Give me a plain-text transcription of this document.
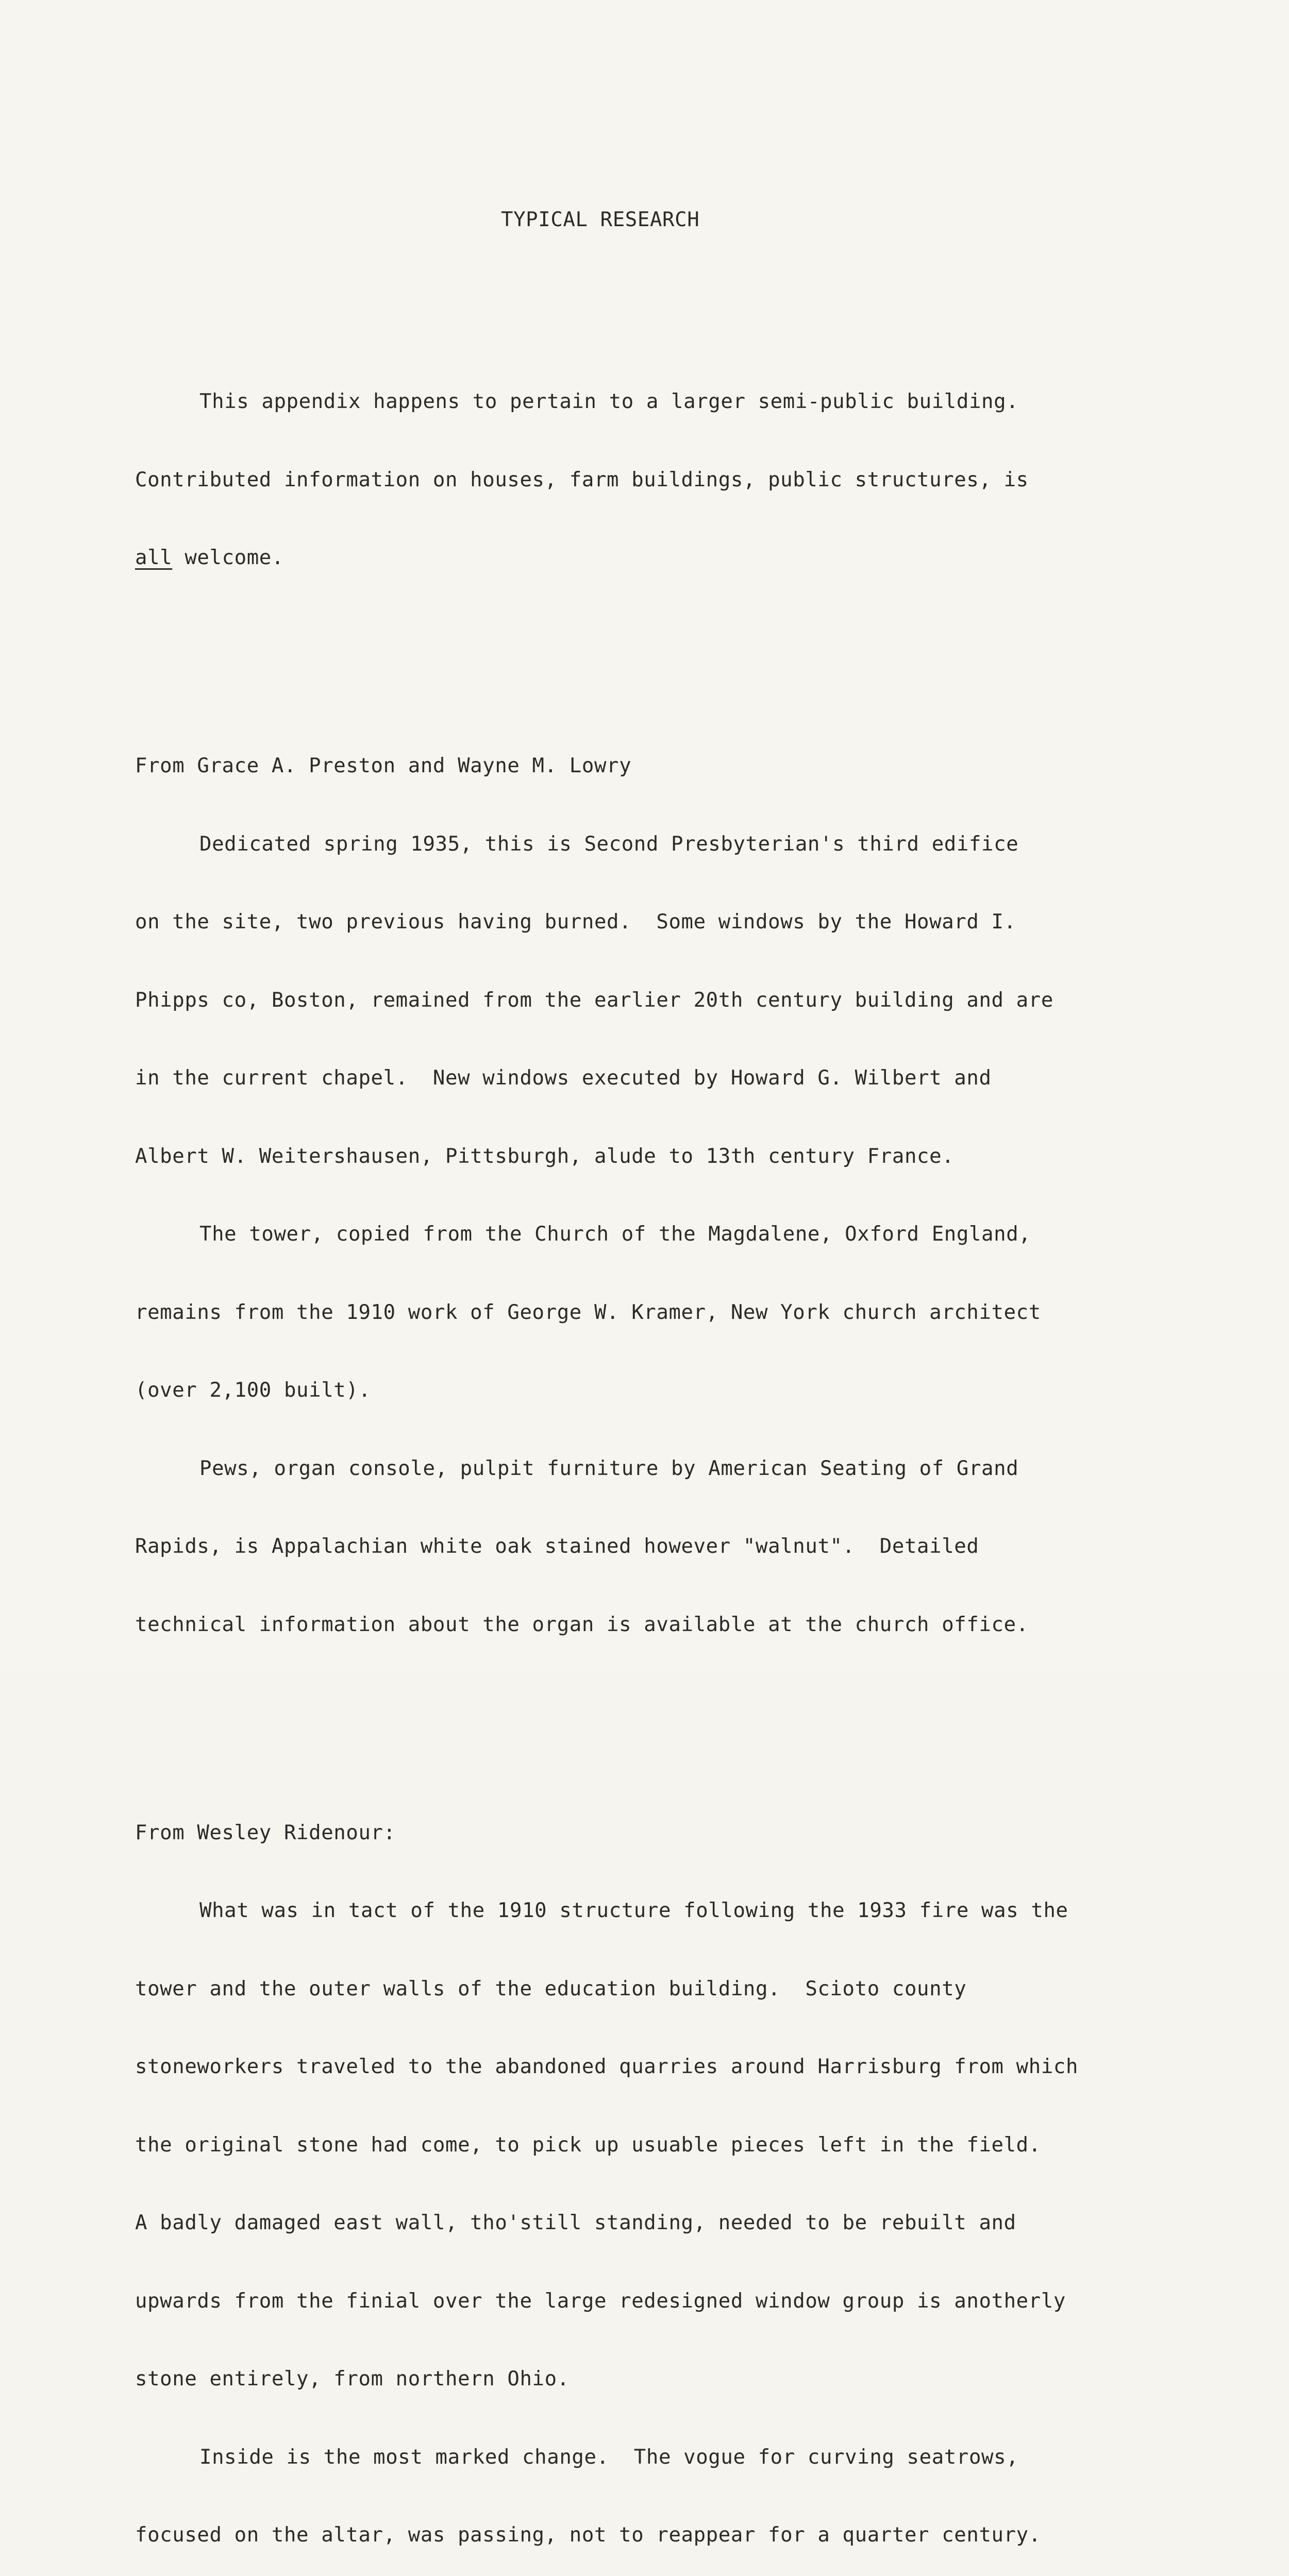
TYPICAL RESEARCH

This appendix happens to pertain to a larger semi-public building.

Contributed information on houses, farm buildings, public structures, is

all welcome.

From Grace A. Preston and Wayne M. Lowry

Dedicated spring 1935, this is Second Presbyterian's third edifice

on the site, two previous having burned.  Some windows by the Howard I.

Phipps co, Boston, remained from the earlier 20th century building and are

in the current chapel.  New windows executed by Howard G. Wilbert and

Albert W. Weitershausen, Pittsburgh, alude to 13th century France.

The tower, copied from the Church of the Magdalene, Oxford England,

remains from the 1910 work of George W. Kramer, New York church architect

(over 2,100 built).

Pews, organ console, pulpit furniture by American Seating of Grand

Rapids, is Appalachian white oak stained however "walnut".  Detailed

technical information about the organ is available at the church office.

From Wesley Ridenour:

What was in tact of the 1910 structure following the 1933 fire was the

tower and the outer walls of the education building.  Scioto county

stoneworkers traveled to the abandoned quarries around Harrisburg from which

the original stone had come, to pick up usuable pieces left in the field.

A badly damaged east wall, tho'still standing, needed to be rebuilt and

upwards from the finial over the large redesigned window group is anotherly

stone entirely, from northern Ohio.

Inside is the most marked change.  The vogue for curving seatrows,

focused on the altar, was passing, not to reappear for a quarter century.
